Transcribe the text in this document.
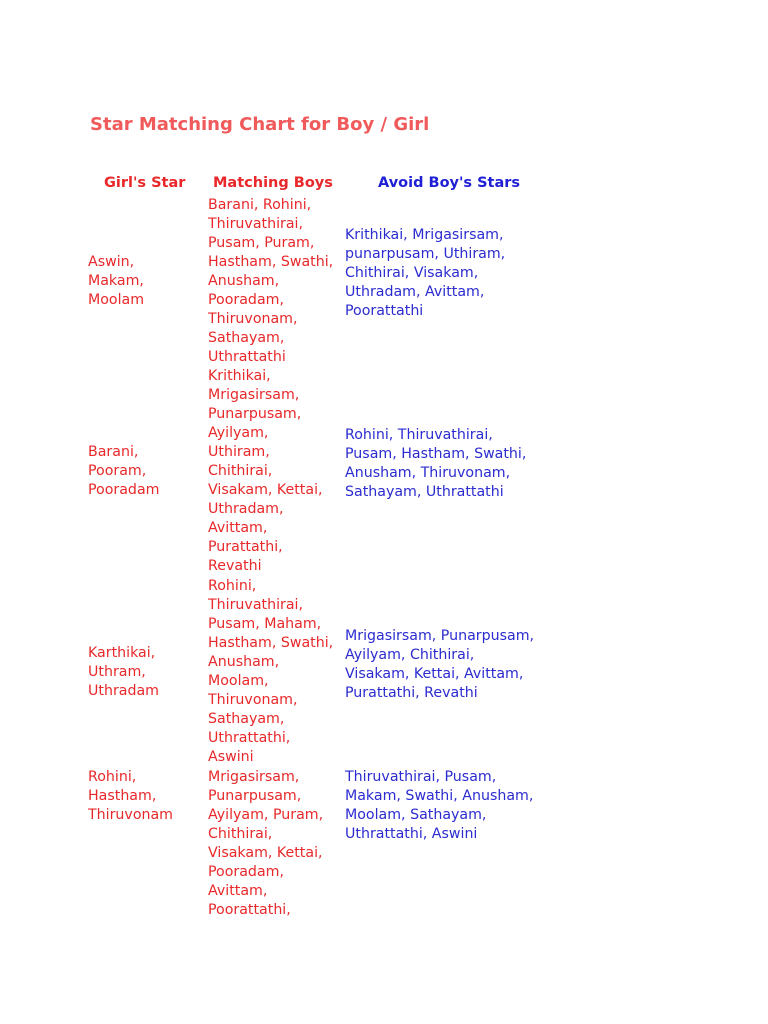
Star Matching Chart for Boy / Girl
Girl's Star Matching Boys	Avoid Boy's Stars
Aswin,
Makam,
Moolam
Barani, Rohini,
Thiruvathirai,
Pusam, Puram,
Hastham, Swathi,
Anusham,
Pooradam,
Thiruvonam,
Sathayam,
Uthrattathi
Krithikai, Mrigasirsam,
punarpusam, Uthiram,
Chithirai, Visakam,
Uthradam, Avittam,
Poorattathi
Barani,
Pooram,
Pooradam
Krithikai,
Mrigasirsam,
Punarpusam,
Ayilyam,
Uthiram,
Chithirai,
Visakam, Kettai,
Uthradam,
Avittam,
Purattathi,
Revathi
Rohini, Thiruvathirai,
Pusam, Hastham, Swathi,
Anusham, Thiruvonam,
Sathayam, Uthrattathi
Karthikai,
Uthram,
Uthradam
Rohini,
Thiruvathirai,
Pusam, Maham,
Hastham, Swathi,
Anusham,
Moolam,
Thiruvonam,
Sathayam,
Uthrattathi,
Aswini
Mrigasirsam, Punarpusam,
Ayilyam, Chithirai,
Visakam, Kettai, Avittam,
Purattathi, Revathi
Rohini,
Hastham,
Thiruvonam
Mrigasirsam,
Punarpusam,
Ayilyam, Puram,
Chithirai,
Visakam, Kettai,
Pooradam,
Avittam,
Poorattathi,
Thiruvathirai, Pusam,
Makam, Swathi, Anusham,
Moolam, Sathayam,
Uthrattathi, Aswini
